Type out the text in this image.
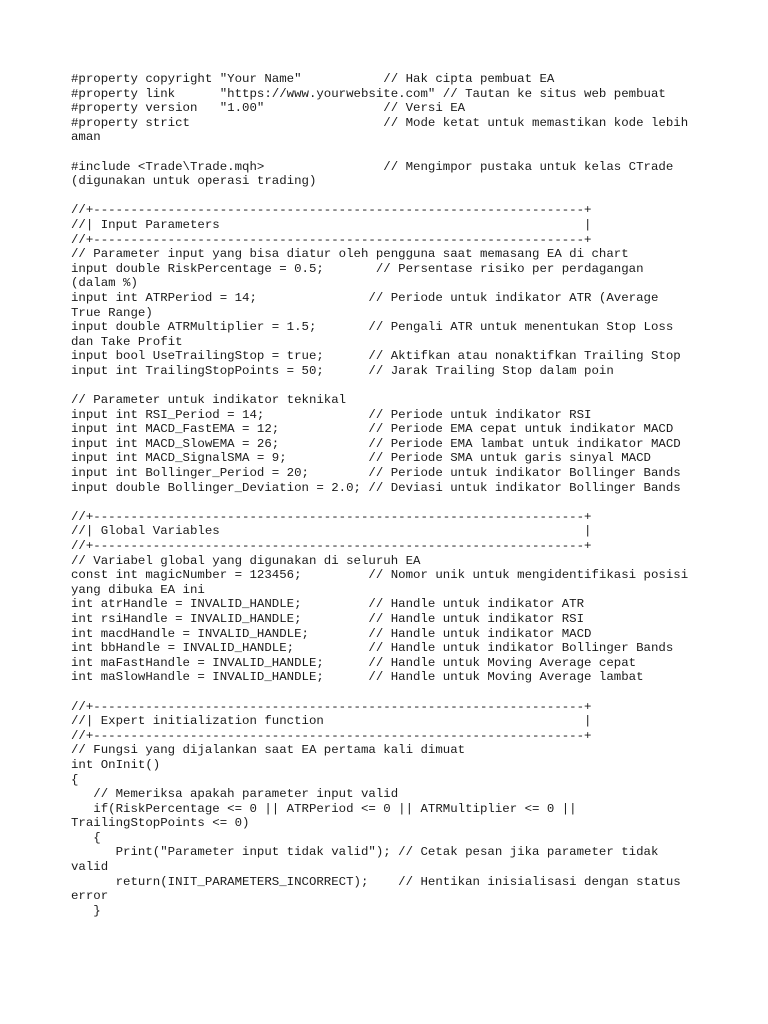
#property copyright "Your Name"           // Hak cipta pembuat EA
#property link      "https://www.yourwebsite.com" // Tautan ke situs web pembuat
#property version   "1.00"                // Versi EA
#property strict                          // Mode ketat untuk memastikan kode lebih
aman
#include <Trade\Trade.mqh>                // Mengimpor pustaka untuk kelas CTrade
(digunakan untuk operasi trading)
//+------------------------------------------------------------------+
//| Input Parameters                                                 |
//+------------------------------------------------------------------+
// Parameter input yang bisa diatur oleh pengguna saat memasang EA di chart
input double RiskPercentage = 0.5;       // Persentase risiko per perdagangan
(dalam %)
input int ATRPeriod = 14;               // Periode untuk indikator ATR (Average
True Range)
input double ATRMultiplier = 1.5;       // Pengali ATR untuk menentukan Stop Loss
dan Take Profit
input bool UseTrailingStop = true;      // Aktifkan atau nonaktifkan Trailing Stop
input int TrailingStopPoints = 50;      // Jarak Trailing Stop dalam poin
// Parameter untuk indikator teknikal
input int RSI_Period = 14;              // Periode untuk indikator RSI
input int MACD_FastEMA = 12;            // Periode EMA cepat untuk indikator MACD
input int MACD_SlowEMA = 26;            // Periode EMA lambat untuk indikator MACD
input int MACD_SignalSMA = 9;           // Periode SMA untuk garis sinyal MACD
input int Bollinger_Period = 20;        // Periode untuk indikator Bollinger Bands
input double Bollinger_Deviation = 2.0; // Deviasi untuk indikator Bollinger Bands
//+------------------------------------------------------------------+
//| Global Variables                                                 |
//+------------------------------------------------------------------+
// Variabel global yang digunakan di seluruh EA
const int magicNumber = 123456;         // Nomor unik untuk mengidentifikasi posisi
yang dibuka EA ini
int atrHandle = INVALID_HANDLE;         // Handle untuk indikator ATR
int rsiHandle = INVALID_HANDLE;         // Handle untuk indikator RSI
int macdHandle = INVALID_HANDLE;        // Handle untuk indikator MACD
int bbHandle = INVALID_HANDLE;          // Handle untuk indikator Bollinger Bands
int maFastHandle = INVALID_HANDLE;      // Handle untuk Moving Average cepat
int maSlowHandle = INVALID_HANDLE;      // Handle untuk Moving Average lambat
//+------------------------------------------------------------------+
//| Expert initialization function                                   |
//+------------------------------------------------------------------+
// Fungsi yang dijalankan saat EA pertama kali dimuat
int OnInit()
{
// Memeriksa apakah parameter input valid
if(RiskPercentage <= 0 || ATRPeriod <= 0 || ATRMultiplier <= 0 ||
TrailingStopPoints <= 0)
{
Print("Parameter input tidak valid"); // Cetak pesan jika parameter tidak
valid
return(INIT_PARAMETERS_INCORRECT);    // Hentikan inisialisasi dengan status
error
}
